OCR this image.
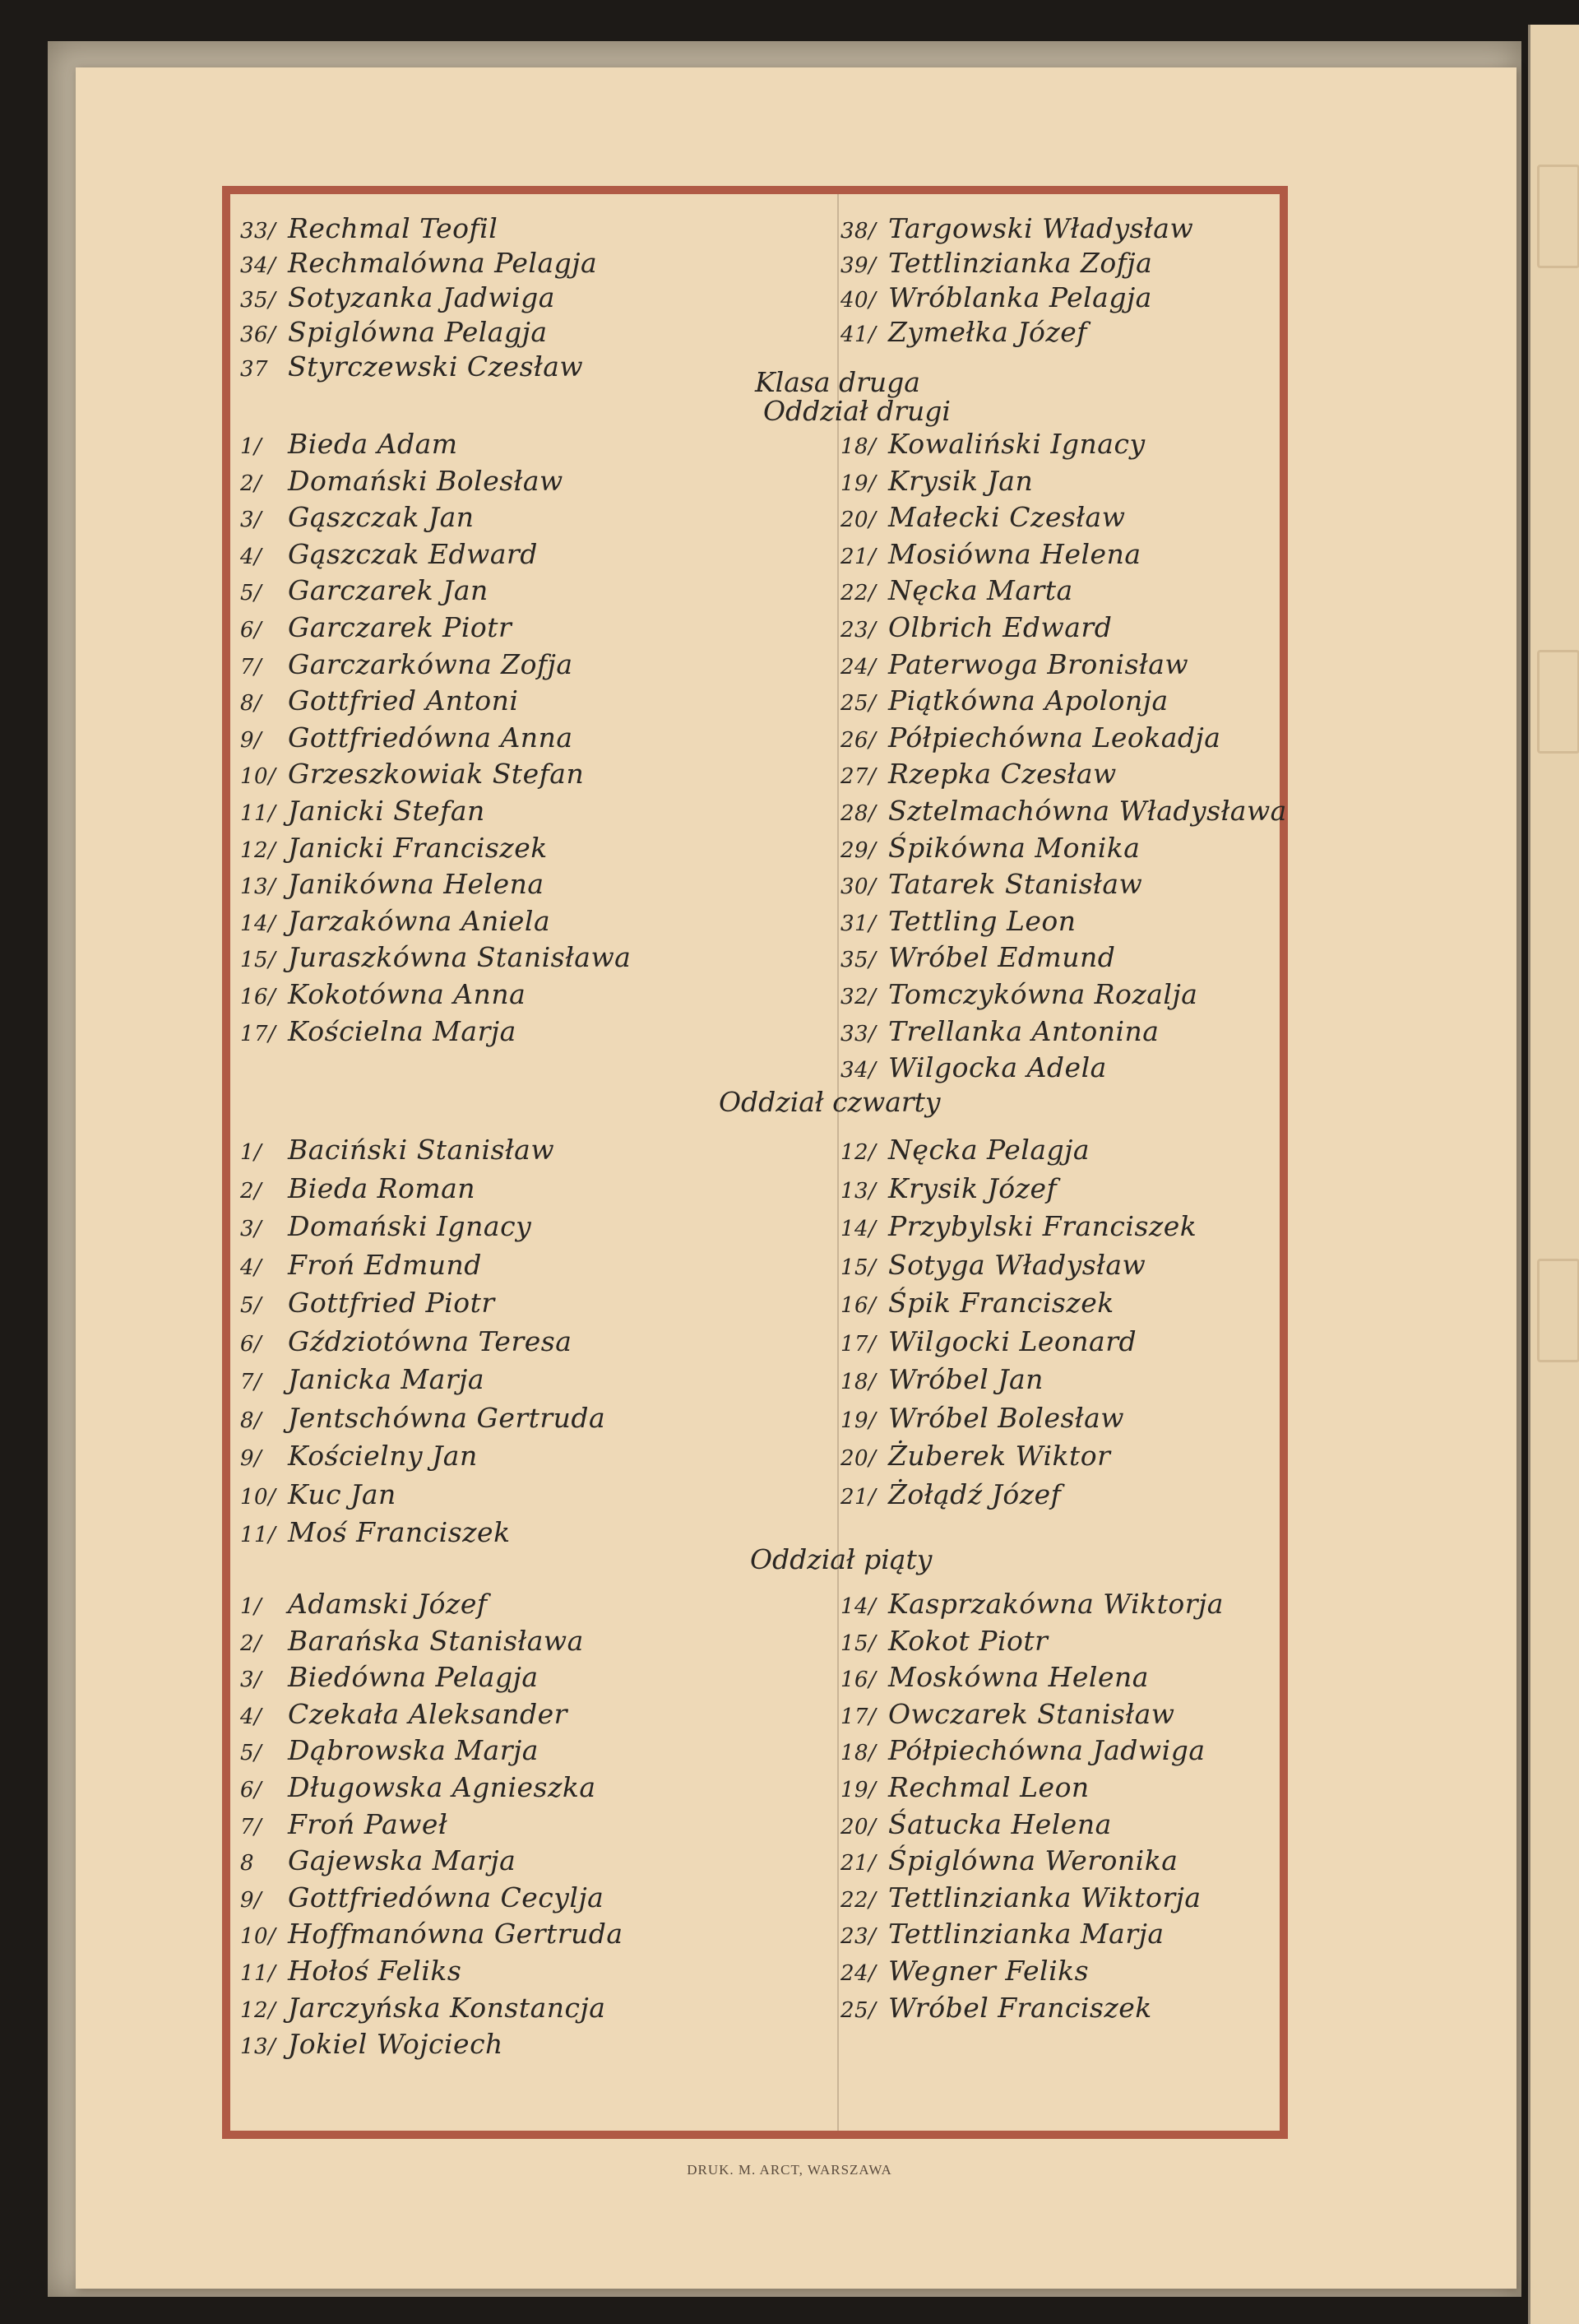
33/ Rechmal Teofil
34/ Rechmalówna Pelagja
35/ Sotyzanka Jadwiga
36/ Spiglówna Pelagja
37 Styrczewski Czesław
38/ Targowski Władysław
39/ Tettlinzianka Zofja
40/ Wróblanka Pelagja
41/ Zymełka Józef
1/ Bieda Adam
2/ Domański Bolesław
3/ Gąszczak Jan
4/ Gąszczak Edward
5/ Garczarek Jan
6/ Garczarek Piotr
7/ Garczarkówna Zofja
8/ Gottfried Antoni
9/ Gottfriedówna Anna
10/ Grzeszkowiak Stefan
11/ Janicki Stefan
12/ Janicki Franciszek
13/ Janikówna Helena
14/ Jarzakówna Aniela
15/ Juraszkówna Stanisława
16/ Kokotówna Anna
17/ Kościelna Marja
18/ Kowaliński Ignacy
19/ Krysik Jan
20/ Małecki Czesław
21/ Mosiówna Helena
22/ Nęcka Marta
23/ Olbrich Edward
24/ Paterwoga Bronisław
25/ Piątkówna Apolonja
26/ Półpiechówna Leokadja
27/ Rzepka Czesław
28/ Sztelmachówna Władysława
29/ Śpikówna Monika
30/ Tatarek Stanisław
31/ Tettling Leon
35/ Wróbel Edmund
32/ Tomczykówna Rozalja
33/ Trellanka Antonina
34/ Wilgocka Adela
1/ Baciński Stanisław
2/ Bieda Roman
3/ Domański Ignacy
4/ Froń Edmund
5/ Gottfried Piotr
6/ Gździotówna Teresa
7/ Janicka Marja
8/ Jentschówna Gertruda
9/ Kościelny Jan
10/ Kuc Jan
11/ Moś Franciszek
12/ Nęcka Pelagja
13/ Krysik Józef
14/ Przybylski Franciszek
15/ Sotyga Władysław
16/ Śpik Franciszek
17/ Wilgocki Leonard
18/ Wróbel Jan
19/ Wróbel Bolesław
20/ Żuberek Wiktor
21/ Żołądź Józef
1/ Adamski Józef
2/ Barańska Stanisława
3/ Biedówna Pelagja
4/ Czekała Aleksander
5/ Dąbrowska Marja
6/ Długowska Agnieszka
7/ Froń Paweł
8 Gajewska Marja
9/ Gottfriedówna Cecylja
10/ Hoffmanówna Gertruda
11/ Hołoś Feliks
12/ Jarczyńska Konstancja
13/ Jokiel Wojciech
14/ Kasprzakówna Wiktorja
15/ Kokot Piotr
16/ Moskówna Helena
17/ Owczarek Stanisław
18/ Półpiechówna Jadwiga
19/ Rechmal Leon
20/ Śatucka Helena
21/ Śpiglówna Weronika
22/ Tettlinzianka Wiktorja
23/ Tettlinzianka Marja
24/ Wegner Feliks
25/ Wróbel Franciszek
Klasa druga
Oddział drugi
Oddział czwarty
Oddział piąty
DRUK. M. ARCT, WARSZAWA
